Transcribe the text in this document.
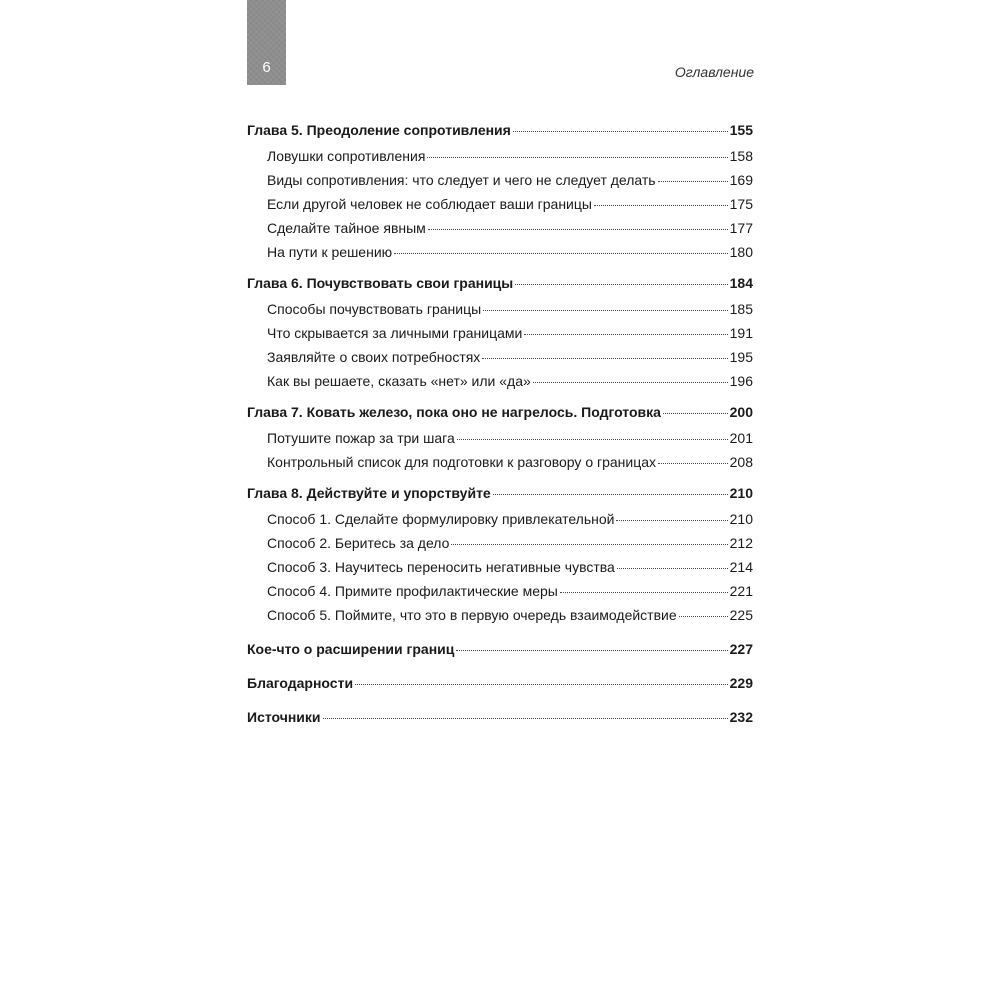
6	Оглавление
Глава 5. Преодоление сопротивления	155
Ловушки сопротивления	158
Виды сопротивления: что следует и чего не следует делать	169
Если другой человек не соблюдает ваши границы	175
Сделайте тайное явным	177
На пути к решению	180
Глава 6. Почувствовать свои границы	184
Способы почувствовать границы	185
Что скрывается за личными границами	191
Заявляйте о своих потребностях	195
Как вы решаете, сказать «нет» или «да»	196
Глава 7. Ковать железо, пока оно не нагрелось. Подготовка	200
Потушите пожар за три шага	201
Контрольный список для подготовки к разговору о границах	208
Глава 8. Действуйте и упорствуйте	210
Способ 1. Сделайте формулировку привлекательной	210
Способ 2. Беритесь за дело	212
Способ 3. Научитесь переносить негативные чувства	214
Способ 4. Примите профилактические меры	221
Способ 5. Поймите, что это в первую очередь взаимодействие	225
Кое-что о расширении границ	227
Благодарности	229
Источники	232
